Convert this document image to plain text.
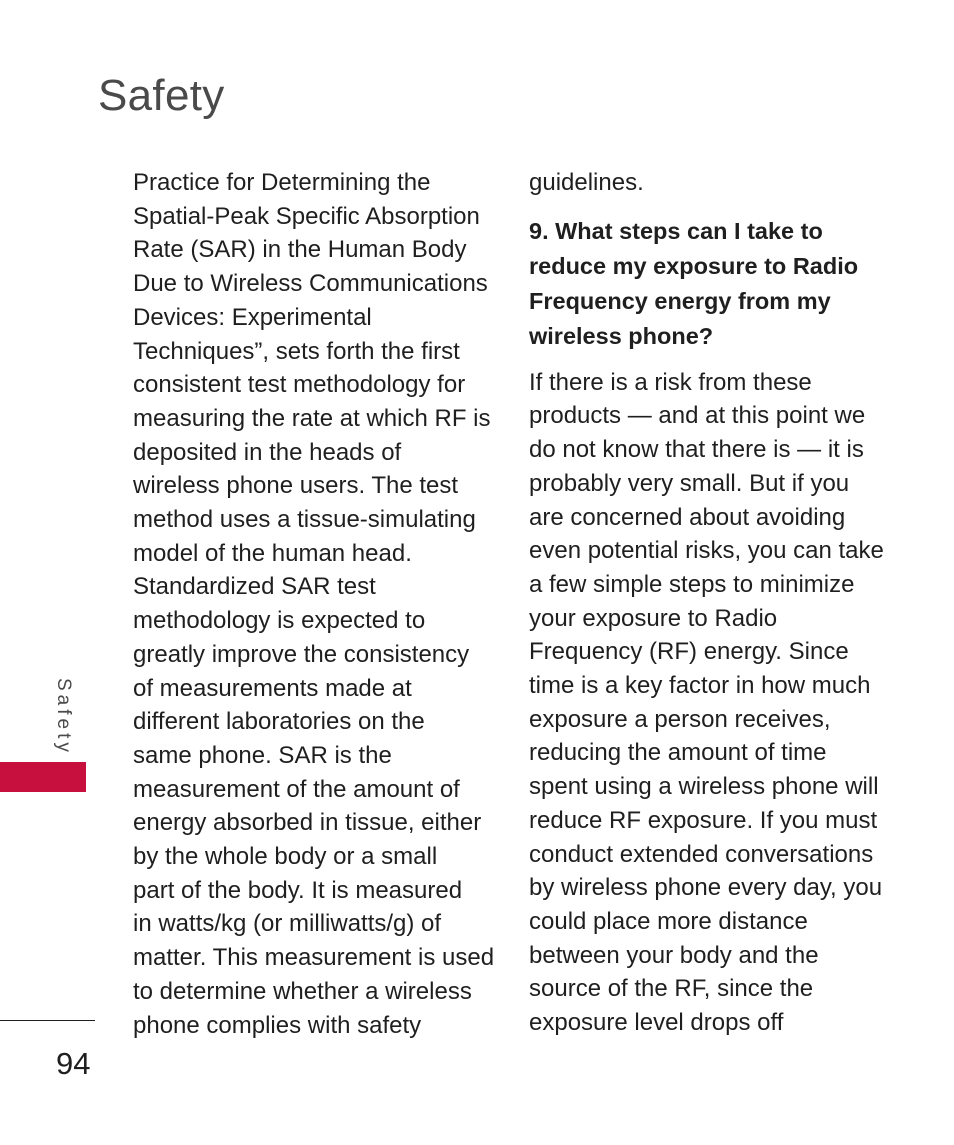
Safety

Practice for Determining the
Spatial-Peak Specific Absorption
Rate (SAR) in the Human Body
Due to Wireless Communications
Devices: Experimental
Techniques”, sets forth the first
consistent test methodology for
measuring the rate at which RF is
deposited in the heads of
wireless phone users. The test
method uses a tissue-simulating
model of the human head.
Standardized SAR test
methodology is expected to
greatly improve the consistency
of measurements made at
different laboratories on the
same phone. SAR is the
measurement of the amount of
energy absorbed in tissue, either
by the whole body or a small
part of the body. It is measured
in watts/kg (or milliwatts/g) of
matter. This measurement is used
to determine whether a wireless
phone complies with safety

guidelines.

9. What steps can I take to
reduce my exposure to Radio
Frequency energy from my
wireless phone?

If there is a risk from these
products — and at this point we
do not know that there is — it is
probably very small. But if you
are concerned about avoiding
even potential risks, you can take
a few simple steps to minimize
your exposure to Radio
Frequency (RF) energy. Since
time is a key factor in how much
exposure a person receives,
reducing the amount of time
spent using a wireless phone will
reduce RF exposure. If you must
conduct extended conversations
by wireless phone every day, you
could place more distance
between your body and the
source of the RF, since the
exposure level drops off

Safety
94
